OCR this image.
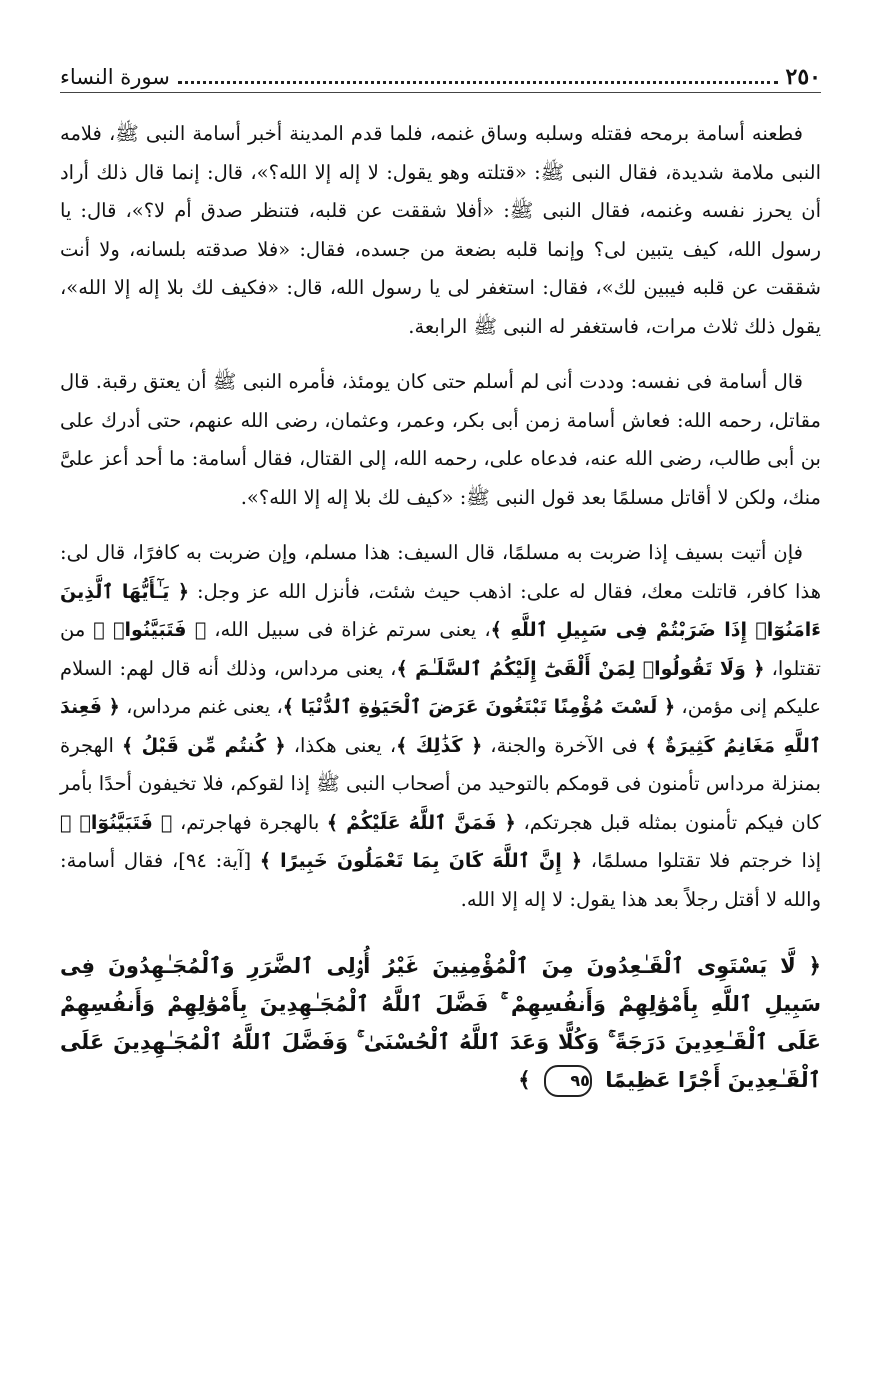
٢٥٠
سورة النساء

فطعنه أسامة برمحه فقتله وسلبه وساق غنمه، فلما قدم المدينة أخبر أسامة النبى ﷺ، فلامه النبى ملامة شديدة، فقال النبى ﷺ: «قتلته وهو يقول: لا إله إلا الله؟»، قال: إنما قال ذلك أراد أن يحرز نفسه وغنمه، فقال النبى ﷺ: «أفلا شققت عن قلبه، فتنظر صدق أم لا؟»، قال: يا رسول الله، كيف يتبين لى؟ وإنما قلبه بضعة من جسده، فقال: «فلا صدقته بلسانه، ولا أنت شققت عن قلبه فيبين لك»، فقال: استغفر لى يا رسول الله، قال: «فكيف لك بلا إله إلا الله»، يقول ذلك ثلاث مرات، فاستغفر له النبى ﷺ الرابعة.

قال أسامة فى نفسه: وددت أنى لم أسلم حتى كان يومئذ، فأمره النبى ﷺ أن يعتق رقبة. قال مقاتل، رحمه الله: فعاش أسامة زمن أبى بكر، وعمر، وعثمان، رضى الله عنهم، حتى أدرك على بن أبى طالب، رضى الله عنه، فدعاه على، رحمه الله، إلى القتال، فقال أسامة: ما أحد أعز علىَّ منك، ولكن لا أقاتل مسلمًا بعد قول النبى ﷺ: «كيف لك بلا إله إلا الله؟».

فإن أتيت بسيف إذا ضربت به مسلمًا، قال السيف: هذا مسلم، وإن ضربت به كافرًا، قال لى: هذا كافر، قاتلت معك، فقال له على: اذهب حيث شئت، فأنزل الله عز وجل: ﴿ يَـٰٓأَيُّهَا ٱلَّذِينَ ءَامَنُوٓا۟ إِذَا ضَرَبْتُمْ فِى سَبِيلِ ٱللَّهِ ﴾، يعنى سرتم غزاة فى سبيل الله، ﴿ فَتَبَيَّنُوا۟ ﴾ من تقتلوا، ﴿ وَلَا تَقُولُوا۟ لِمَنْ أَلْقَىٰٓ إِلَيْكُمُ ٱلسَّلَـٰمَ ﴾، يعنى مرداس، وذلك أنه قال لهم: السلام عليكم إنى مؤمن، ﴿ لَسْتَ مُؤْمِنًا تَبْتَغُونَ عَرَضَ ٱلْحَيَوٰةِ ٱلدُّنْيَا ﴾، يعنى غنم مرداس، ﴿ فَعِندَ ٱللَّهِ مَغَانِمُ كَثِيرَةٌ ﴾ فى الآخرة والجنة، ﴿ كَذَٰلِكَ ﴾، يعنى هكذا، ﴿ كُنتُم مِّن قَبْلُ ﴾ الهجرة بمنزلة مرداس تأمنون فى قومكم بالتوحيد من أصحاب النبى ﷺ إذا لقوكم، فلا تخيفون أحدًا بأمر كان فيكم تأمنون بمثله قبل هجرتكم، ﴿ فَمَنَّ ٱللَّهُ عَلَيْكُمْ ﴾ بالهجرة فهاجرتم، ﴿ فَتَبَيَّنُوٓا۟ ﴾ إذا خرجتم فلا تقتلوا مسلمًا، ﴿ إِنَّ ٱللَّهَ كَانَ بِمَا تَعْمَلُونَ خَبِيرًا ﴾ [آية: ٩٤]، فقال أسامة: والله لا أقتل رجلاً بعد هذا يقول: لا إله إلا الله.

﴿ لَّا يَسْتَوِى ٱلْقَـٰعِدُونَ مِنَ ٱلْمُؤْمِنِينَ غَيْرُ أُو۟لِى ٱلضَّرَرِ وَٱلْمُجَـٰهِدُونَ فِى سَبِيلِ ٱللَّهِ بِأَمْوَٰلِهِمْ وَأَنفُسِهِمْ ۚ فَضَّلَ ٱللَّهُ ٱلْمُجَـٰهِدِينَ بِأَمْوَٰلِهِمْ وَأَنفُسِهِمْ عَلَى ٱلْقَـٰعِدِينَ دَرَجَةً ۚ وَكُلًّا وَعَدَ ٱللَّهُ ٱلْحُسْنَىٰ ۚ وَفَضَّلَ ٱللَّهُ ٱلْمُجَـٰهِدِينَ عَلَى ٱلْقَـٰعِدِينَ أَجْرًا عَظِيمًا ٩٥ ﴾
